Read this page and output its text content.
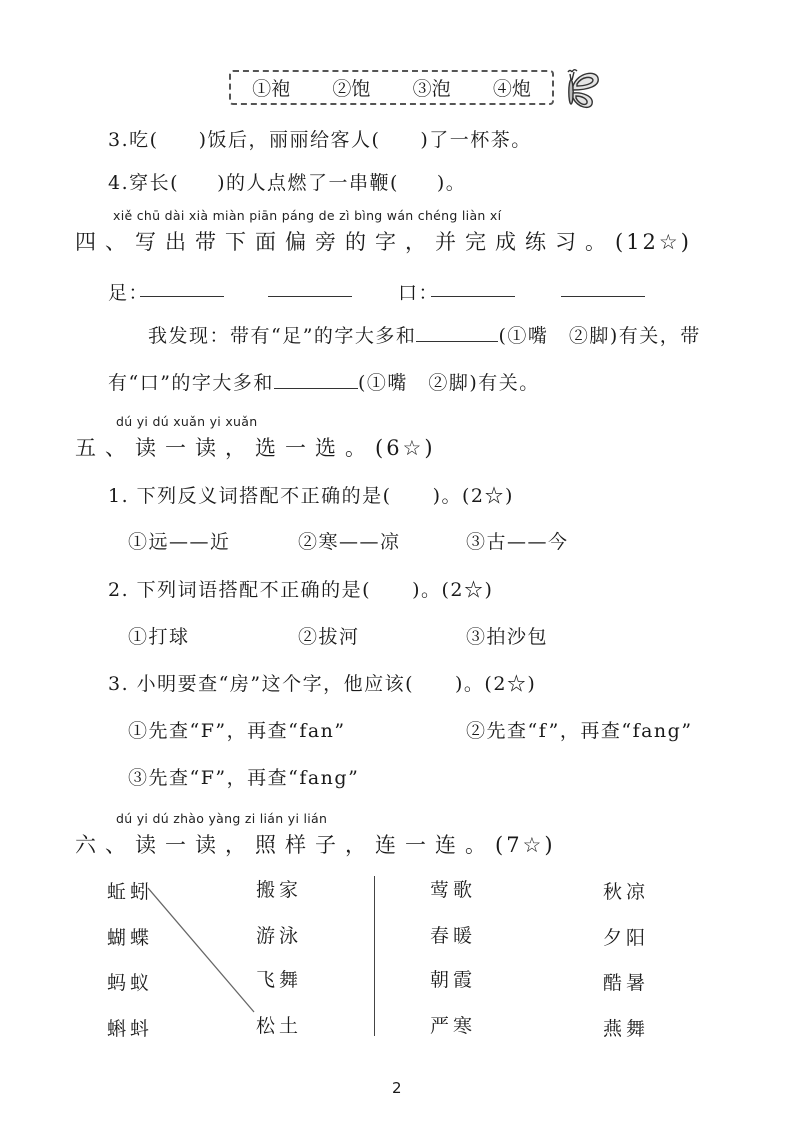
①袍 ②饱 ③泡 ④炮
3.吃( )饭后，丽丽给客人( )了一杯茶。
4.穿长( )的人点燃了一串鞭( )。
xiě chū dài xià miàn piān páng de zì bìng wán chéng liàn xí
四、写出带下面偏旁的字，并完成练习。(12☆)
足：	口：
我发现：带有“足”的字大多和	(①嘴　②脚)有关，带
有“口”的字大多和	(①嘴　②脚)有关。
dú yi dú xuǎn yi xuǎn
五、读一读，选一选。(6☆)
1. 下列反义词搭配不正确的是(　　)。(2☆)
①远——近	②寒——凉	③古——今
2. 下列词语搭配不正确的是(　　)。(2☆)
①打球	②拔河	③拍沙包
3. 小明要查“房”这个字，他应该(　　)。(2☆)
①先查“F”，再查“fan”	②先查“f”，再查“fang”
③先查“F”，再查“fang”
dú yi dú zhào yàng zi lián yi lián
六、读一读，照样子，连一连。(7☆)
蚯蚓
蝴蝶
蚂蚁
蝌蚪
搬家
游泳
飞舞
松土
莺歌
春暖
朝霞
严寒
秋凉
夕阳
酷暑
燕舞
2
